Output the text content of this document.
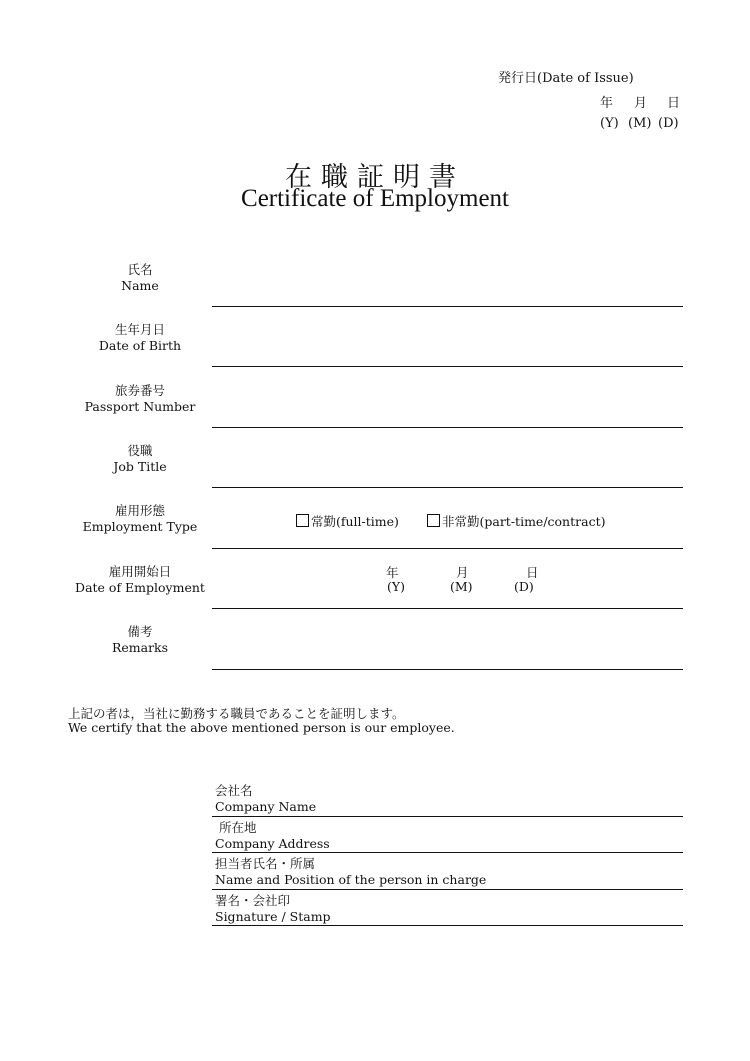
発行日(Date of Issue)
年 月 日
(Y) (M) (D)
在職証明書
Certificate of Employment
氏名
Name
生年月日
Date of Birth
旅券番号
Passport Number
役職
Job Title
雇用形態
Employment Type	常勤(full-time)	非常勤(part-time/contract)
雇用開始日
Date of Employment
年	月	日
(Y)	(M)	(D)
備考
Remarks
上記の者は，当社に勤務する職員であることを証明します。
We certify that the above mentioned person is our employee.
会社名
Company Name
所在地
Company Address
担当者氏名・所属
Name and Position of the person in charge
署名・会社印
Signature / Stamp
